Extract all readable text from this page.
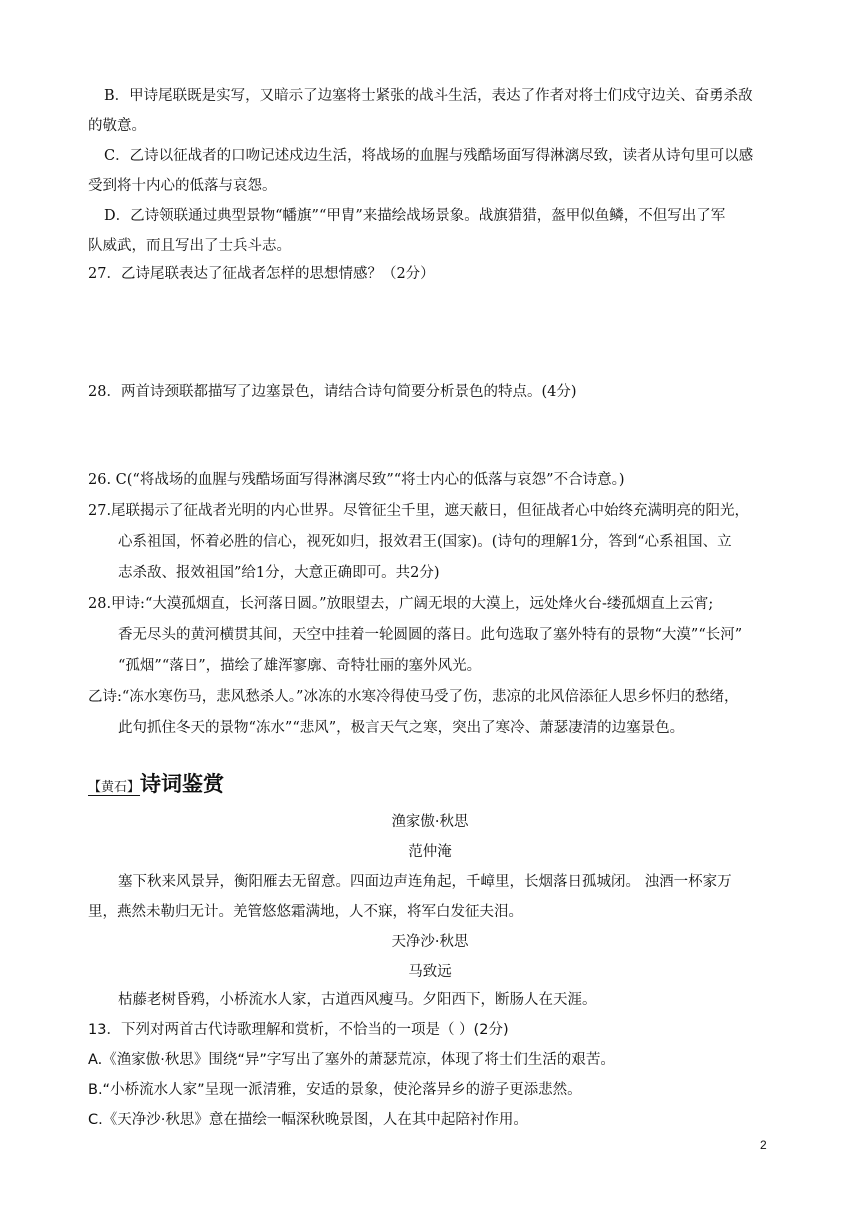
B．甲诗尾联既是实写，又暗示了边塞将士紧张的战斗生活，表达了作者对将士们戍守边关、奋勇杀敌
的敬意。
C．乙诗以征战者的口吻记述戍边生活，将战场的血腥与残酷场面写得淋漓尽致，读者从诗句里可以感
受到将十内心的低落与哀怨。
D．乙诗领联通过典型景物“幡旗”“甲胄”来描绘战场景象。战旗猎猎，盔甲似鱼鳞，不但写出了军
队威武，而且写出了士兵斗志。
27．乙诗尾联表达了征战者怎样的思想情感？（2分）
28．两首诗颈联都描写了边塞景色，请结合诗句简要分析景色的特点。(4分)
26. C(“将战场的血腥与残酷场面写得淋漓尽致”“将士内心的低落与哀怨”不合诗意。)
27.尾联揭示了征战者光明的内心世界。尽管征尘千里，遮天蔽日，但征战者心中始终充满明亮的阳光，
心系祖国，怀着必胜的信心，视死如归，报效君王(国家)。(诗句的理解1分，答到“心系祖国、立
志杀敌、报效祖国”给1分，大意正确即可。共2分)
28.甲诗:“大漠孤烟直，长河落日圆。”放眼望去，广阔无垠的大漠上，远处烽火台-缕孤烟直上云宵;
香无尽头的黄河横贯其间，天空中挂着一轮圆圆的落日。此句选取了塞外特有的景物“大漠”“长河”
“孤烟”“落日”，描绘了雄浑寥廓、奇特壮丽的塞外风光。
乙诗:“冻水寒伤马，悲风愁杀人。”冰冻的水寒冷得使马受了伤，悲凉的北风倍添征人思乡怀归的愁绪，
此句抓住冬天的景物“冻水”“悲风”，极言天气之寒，突出了寒冷、萧瑟凄清的边塞景色。
【黄石】诗词鉴赏
渔家傲·秋思
范仲淹
塞下秋来风景异，衡阳雁去无留意。四面边声连角起，千嶂里，长烟落日孤城闭。 浊酒一杯家万
里，燕然未勒归无计。羌管悠悠霜满地，人不寐，将军白发征夫泪。
天净沙·秋思
马致远
枯藤老树昏鸦，小桥流水人家，古道西风瘦马。夕阳西下，断肠人在天涯。
13．下列对两首古代诗歌理解和赏析，不恰当的一项是（ ）(2分)
A.《渔家傲·秋思》围绕“异”字写出了塞外的萧瑟荒凉，体现了将士们生活的艰苦。
B.“小桥流水人家”呈现一派清雅，安适的景象，使沦落异乡的游子更添悲然。
C.《天净沙·秋思》意在描绘一幅深秋晚景图，人在其中起陪衬作用。
2
